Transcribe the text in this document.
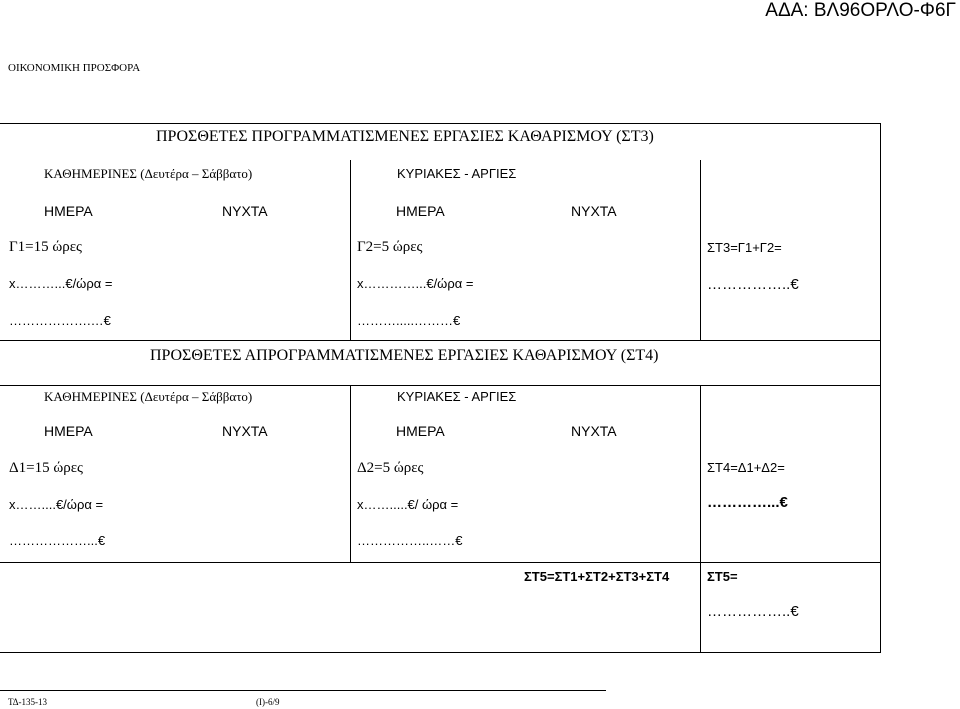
ΑΔΑ: ΒΛ96ΟΡΛΟ-Φ6Γ
ΟΙΚΟΝΟΜΙΚΗ ΠΡΟΣΦΟΡΑ
ΠΡΟΣΘΕΤΕΣ ΠΡΟΓΡΑΜΜΑΤΙΣΜΕΝΕΣ ΕΡΓΑΣΙΕΣ ΚΑΘΑΡΙΣΜΟΥ (ΣΤ3)
ΚΑΘΗΜΕΡΙΝΕΣ (Δευτέρα – Σάββατο)	ΚΥΡΙΑΚΕΣ - ΑΡΓΙΕΣ
ΗΜΕΡΑ	ΝΥΧΤΑ	ΗΜΕΡΑ	ΝΥΧΤΑ
Γ1=15 ώρες	Γ2=5 ώρες	ΣΤ3=Γ1+Γ2=
x………...€/ώρα =	x…………...€/ώρα =	……………..€
……………….…€	……….....………€
ΠΡΟΣΘΕΤΕΣ ΑΠΡΟΓΡΑΜΜΑΤΙΣΜΕΝΕΣ ΕΡΓΑΣΙΕΣ ΚΑΘΑΡΙΣΜΟΥ (ΣΤ4)
ΚΑΘΗΜΕΡΙΝΕΣ (Δευτέρα – Σάββατο)	ΚΥΡΙΑΚΕΣ - ΑΡΓΙΕΣ
ΗΜΕΡΑ	ΝΥΧΤΑ	ΗΜΕΡΑ	ΝΥΧΤΑ
Δ1=15 ώρες	Δ2=5 ώρες	ΣΤ4=Δ1+Δ2=
x……....€/ώρα =	x…….....€/ ώρα =	…………...€
………………...€	……………..……€
ΣΤ5=ΣΤ1+ΣΤ2+ΣΤ3+ΣΤ4	ΣΤ5=
……………..€
ΤΔ-135-13	(Ι)-6/9
